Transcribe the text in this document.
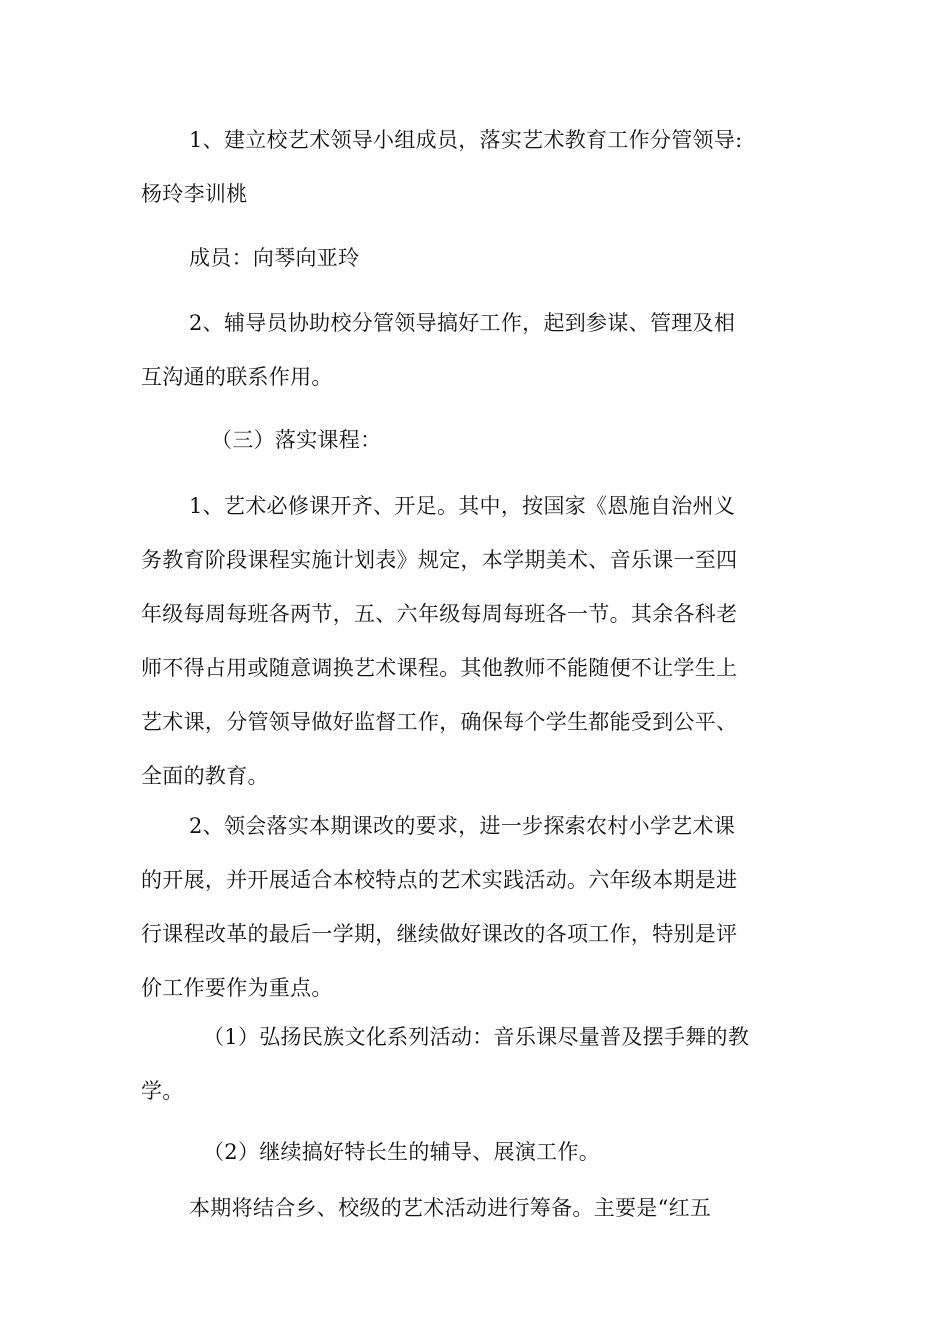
1、建立校艺术领导小组成员，落实艺术教育工作分管领导:
杨玲李训桃

成员：向琴向亚玲

2、辅导员协助校分管领导搞好工作，起到参谋、管理及相
互沟通的联系作用。

（三）落实课程：

1、艺术必修课开齐、开足。其中，按国家《恩施自治州义
务教育阶段课程实施计划表》规定，本学期美术、音乐课一至四
年级每周每班各两节，五、六年级每周每班各一节。其余各科老
师不得占用或随意调换艺术课程。其他教师不能随便不让学生上
艺术课，分管领导做好监督工作，确保每个学生都能受到公平、
全面的教育。

2、领会落实本期课改的要求，进一步探索农村小学艺术课
的开展，并开展适合本校特点的艺术实践活动。六年级本期是进
行课程改革的最后一学期，继续做好课改的各项工作，特别是评
价工作要作为重点。

（1）弘扬民族文化系列活动：音乐课尽量普及摆手舞的教
学。

（2）继续搞好特长生的辅导、展演工作。

本期将结合乡、校级的艺术活动进行筹备。主要是“红五
